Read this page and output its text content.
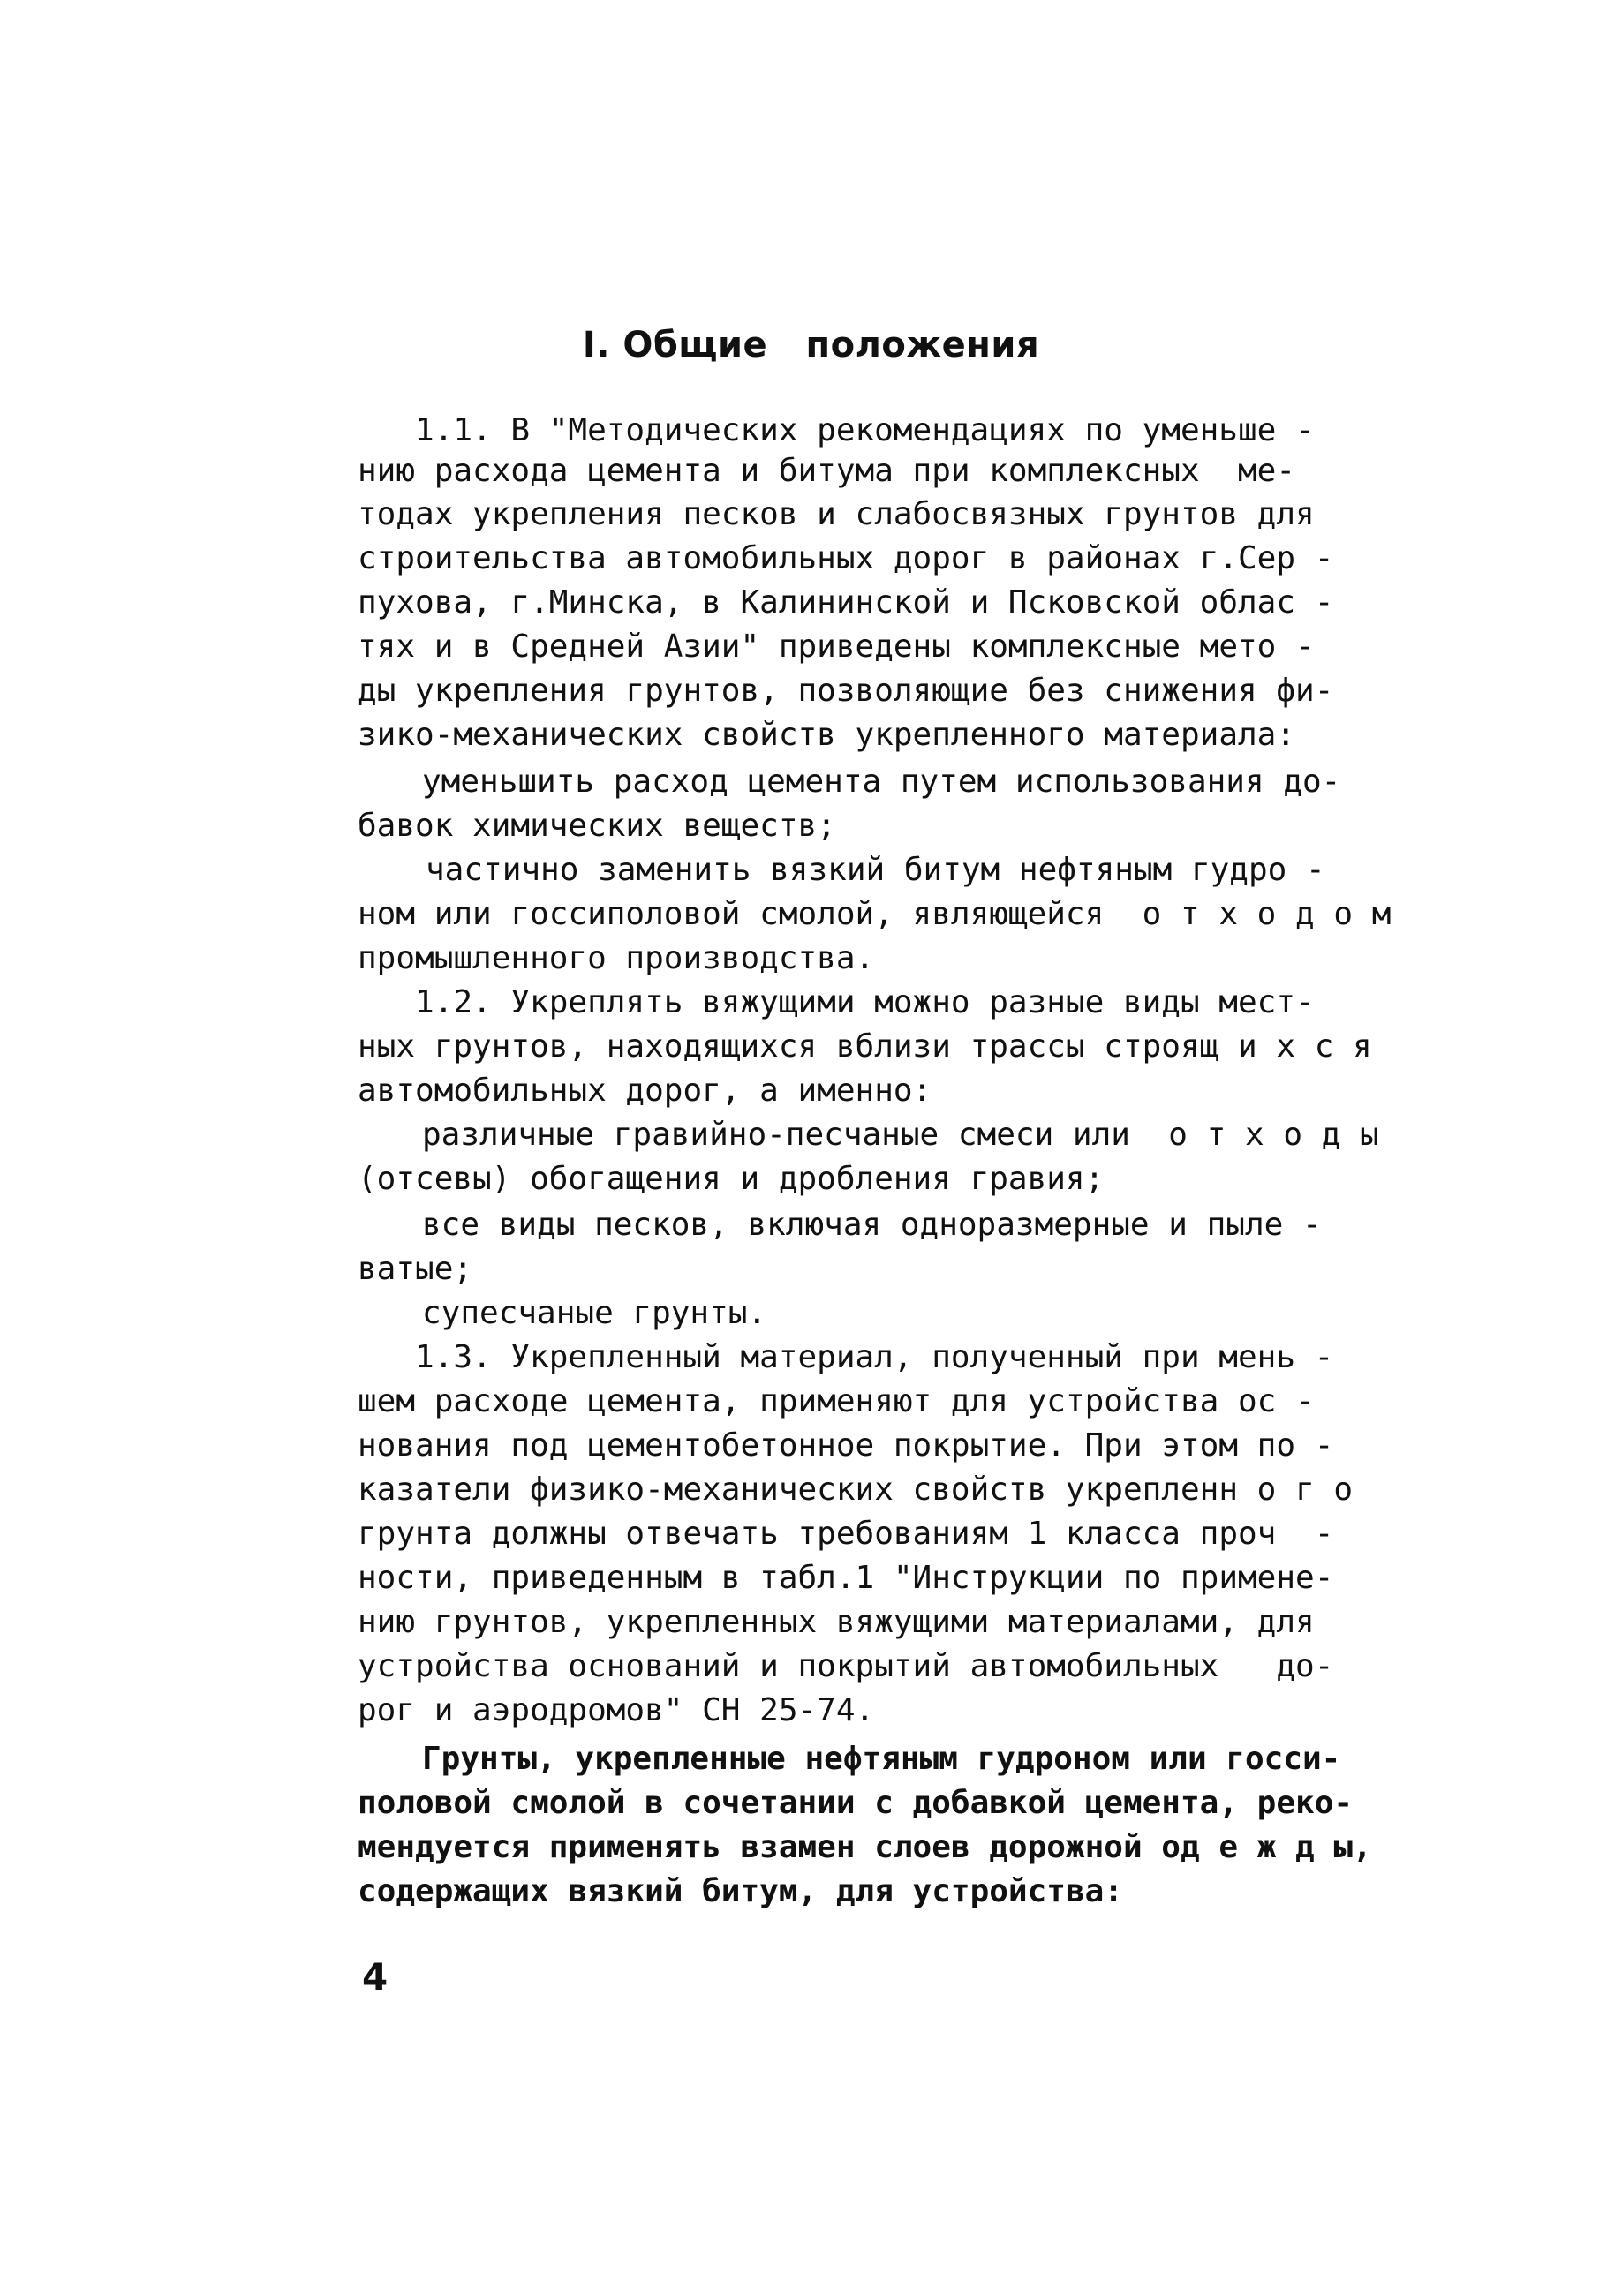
I. Общие   положения
1.1. В "Методических рекомендациях по уменьше -
нию расхода цемента и битума при комплексных  ме-
тодах укрепления песков и слабосвязных грунтов для
строительства автомобильных дорог в районах г.Сер -
пухова, г.Минска, в Калининской и Псковской облас -
тях и в Средней Азии" приведены комплексные мето -
ды укрепления грунтов, позволяющие без снижения фи-
зико-механических свойств укрепленного материала:
уменьшить расход цемента путем использования до-
бавок химических веществ;
частично заменить вязкий битум нефтяным гудро -
ном или госсиполовой смолой, являющейся  о т х о д о м
промышленного производства.
1.2. Укреплять вяжущими можно разные виды мест-
ных грунтов, находящихся вблизи трассы строящ и х с я
автомобильных дорог, а именно:
различные гравийно-песчаные смеси или  о т х о д ы
(отсевы) обогащения и дробления гравия;
все виды песков, включая одноразмерные и пыле -
ватые;
супесчаные грунты.
1.3. Укрепленный материал, полученный при мень -
шем расходе цемента, применяют для устройства ос -
нования под цементобетонное покрытие. При этом по -
казатели физико-механических свойств укрепленн о г о
грунта должны отвечать требованиям 1 класса проч  -
ности, приведенным в табл.1 "Инструкции по примене-
нию грунтов, укрепленных вяжущими материалами, для
устройства оснований и покрытий автомобильных   до-
рог и аэродромов" СН 25-74.
Грунты, укрепленные нефтяным гудроном или госси-
половой смолой в сочетании с добавкой цемента, реко-
мендуется применять взамен слоев дорожной од е ж д ы,
содержащих вязкий битум, для устройства:
4
